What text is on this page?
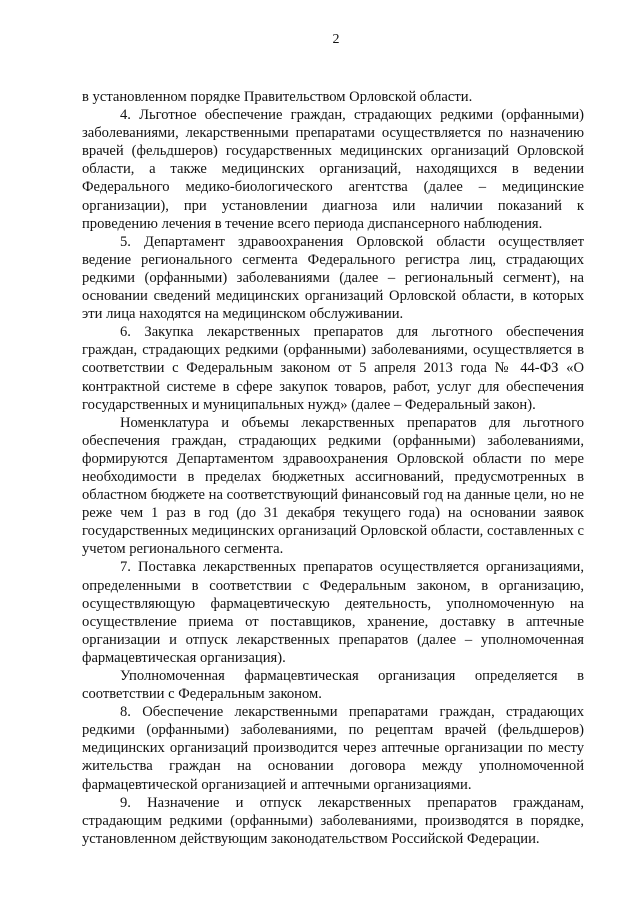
2

в установленном порядке Правительством Орловской области.

4. Льготное обеспечение граждан, страдающих редкими (орфанными) заболеваниями, лекарственными препаратами осуществляется по назначению врачей (фельдшеров) государственных медицинских организаций Орловской области, а также медицинских организаций, находящихся в ведении Федерального медико-биологического агентства (далее – медицинские организации), при установлении диагноза или наличии показаний к проведению лечения в течение всего периода диспансерного наблюдения.

5. Департамент здравоохранения Орловской области осуществляет ведение регионального сегмента Федерального регистра лиц, страдающих редкими (орфанными) заболеваниями (далее – региональный сегмент), на основании сведений медицинских организаций Орловской области, в которых эти лица находятся на медицинском обслуживании.

6. Закупка лекарственных препаратов для льготного обеспечения граждан, страдающих редкими (орфанными) заболеваниями, осуществляется в соответствии с Федеральным законом от 5 апреля 2013 года № 44-ФЗ «О контрактной системе в сфере закупок товаров, работ, услуг для обеспечения государственных и муниципальных нужд» (далее – Федеральный закон).

Номенклатура и объемы лекарственных препаратов для льготного обеспечения граждан, страдающих редкими (орфанными) заболеваниями, формируются Департаментом здравоохранения Орловской области по мере необходимости в пределах бюджетных ассигнований, предусмотренных в областном бюджете на соответствующий финансовый год на данные цели, но не реже чем 1 раз в год (до 31 декабря текущего года) на основании заявок государственных медицинских организаций Орловской области, составленных с учетом регионального сегмента.

7. Поставка лекарственных препаратов осуществляется организациями, определенными в соответствии с Федеральным законом, в организацию, осуществляющую фармацевтическую деятельность, уполномоченную на осуществление приема от поставщиков, хранение, доставку в аптечные организации и отпуск лекарственных препаратов (далее – уполномоченная фармацевтическая организация).

Уполномоченная фармацевтическая организация определяется в соответствии с Федеральным законом.

8. Обеспечение лекарственными препаратами граждан, страдающих редкими (орфанными) заболеваниями, по рецептам врачей (фельдшеров) медицинских организаций производится через аптечные организации по месту жительства граждан на основании договора между уполномоченной фармацевтической организацией и аптечными организациями.

9. Назначение и отпуск лекарственных препаратов гражданам, страдающим редкими (орфанными) заболеваниями, производятся в порядке, установленном действующим законодательством Российской Федерации.
